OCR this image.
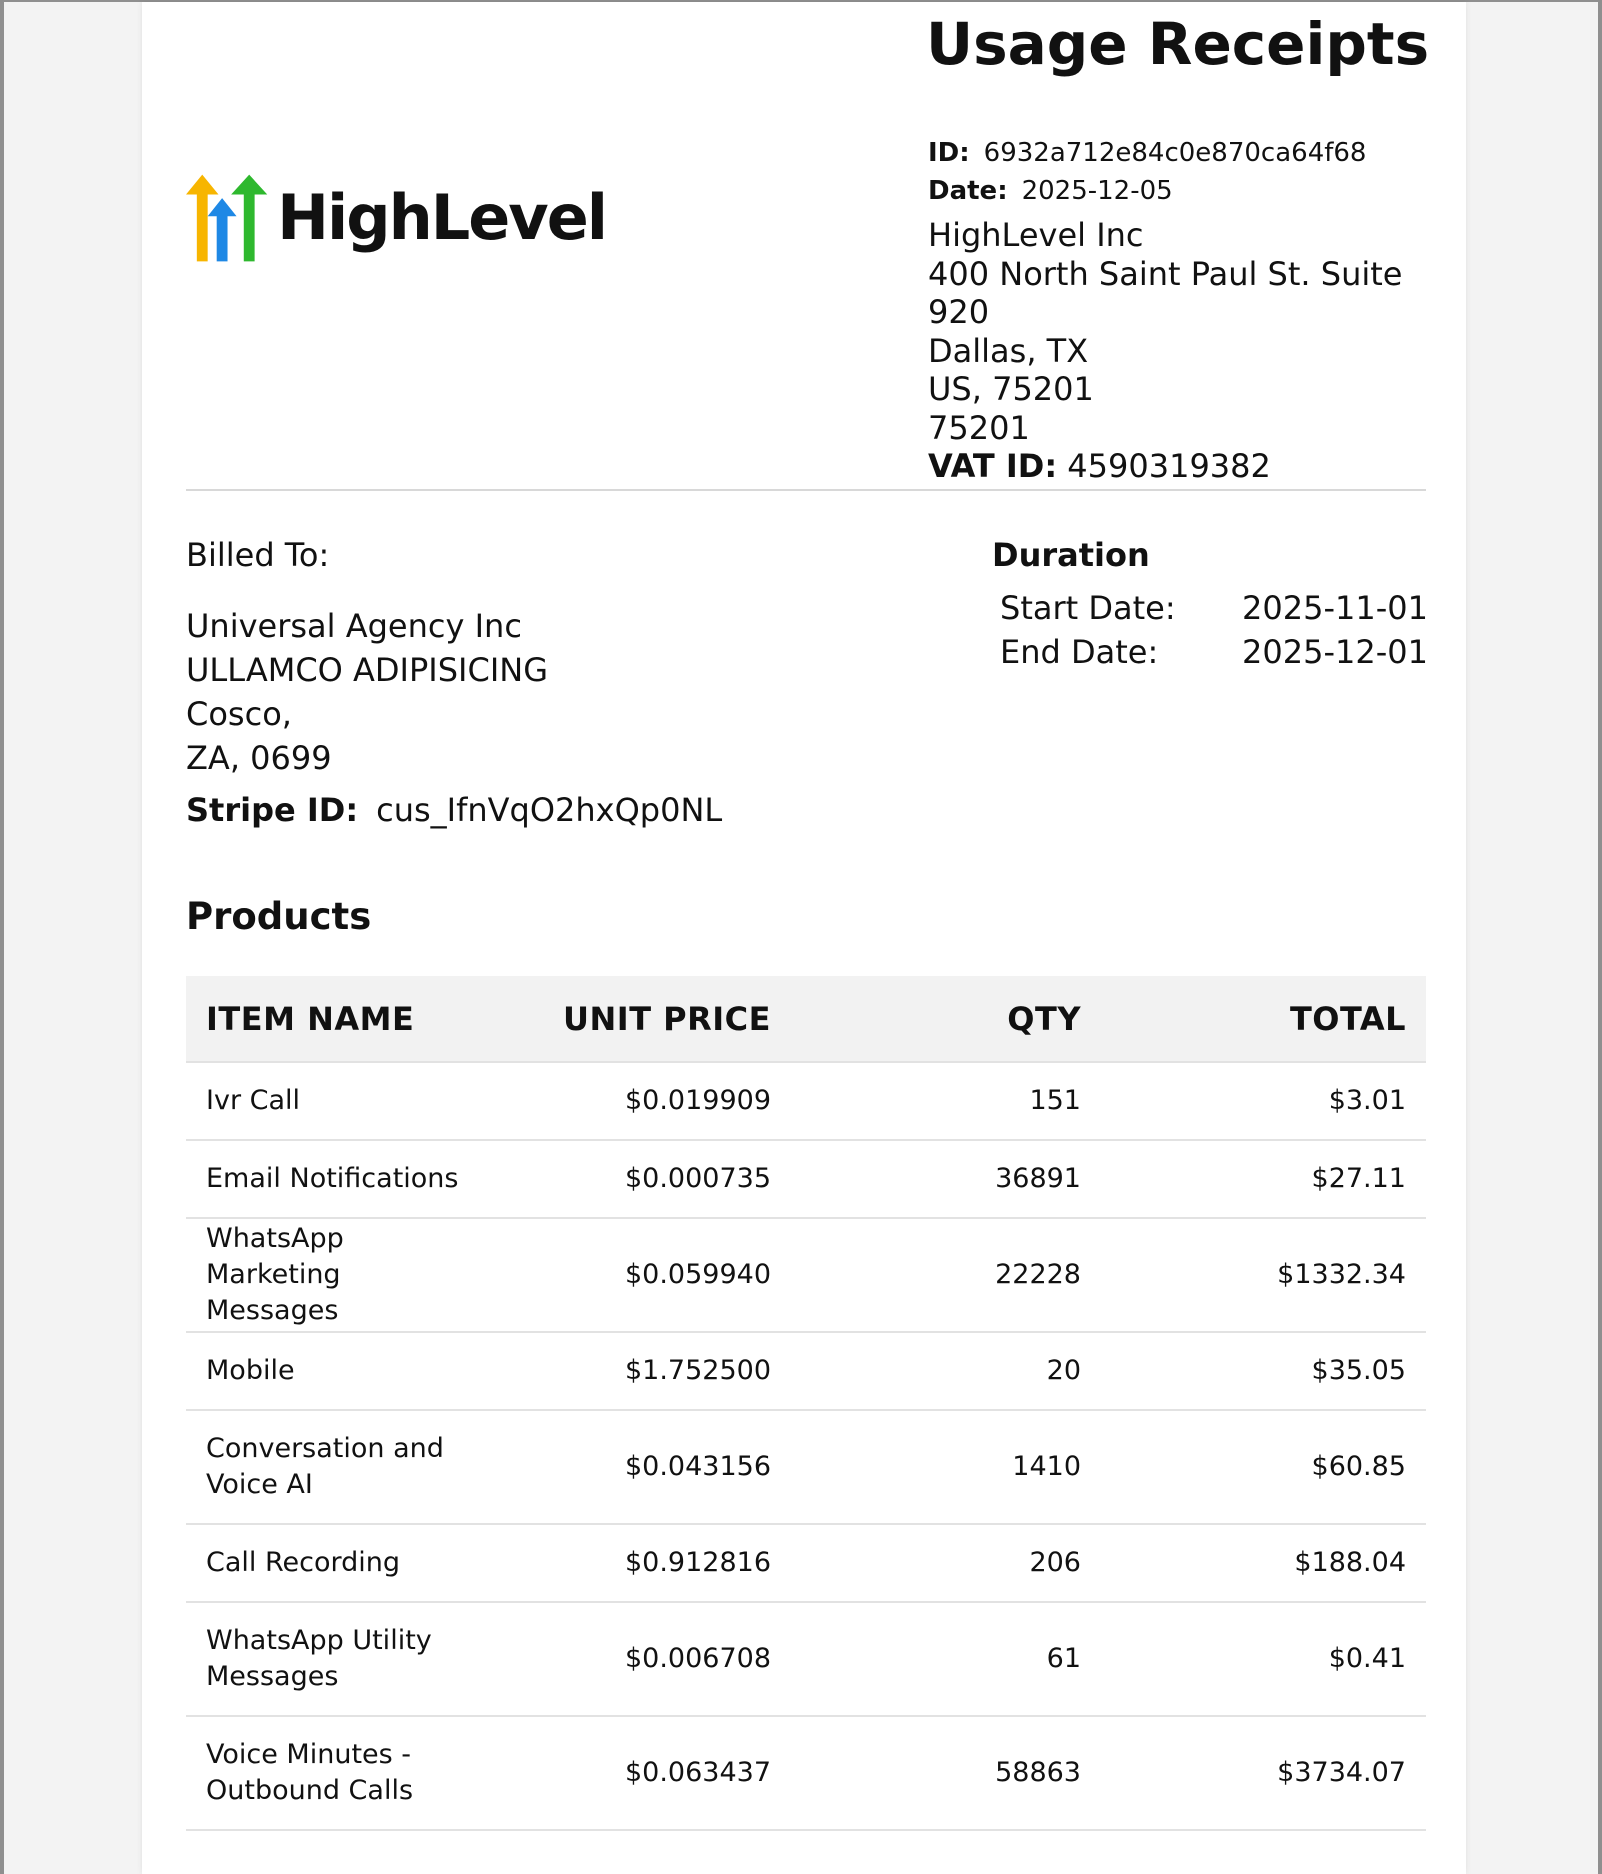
HighLevel
Usage Receipts
ID: 6932a712e84c0e870ca64f68
Date: 2025-12-05
HighLevel Inc
400 North Saint Paul St. Suite 920
Dallas, TX
US, 75201
75201
VAT ID: 4590319382
Billed To:
Universal Agency Inc
ULLAMCO ADIPISICING
Cosco,
ZA, 0699
Stripe ID: cus_IfnVqO2hxQp0NL
Duration
Start Date: 2025-11-01
End Date:	2025-12-01
Products
ITEM NAME	UNIT PRICE	QTY	TOTAL
Ivr Call	$0.019909	151	$3.01
Email Notifications	$0.000735	36891	$27.11
WhatsApp Marketing Messages	$0.059940	22228	$1332.34
Mobile	$1.752500	20	$35.05
Conversation and Voice AI	$0.043156	1410	$60.85
Call Recording	$0.912816	206	$188.04
WhatsApp Utility Messages	$0.006708	61	$0.41
Voice Minutes - Outbound Calls	$0.063437	58863	$3734.07
